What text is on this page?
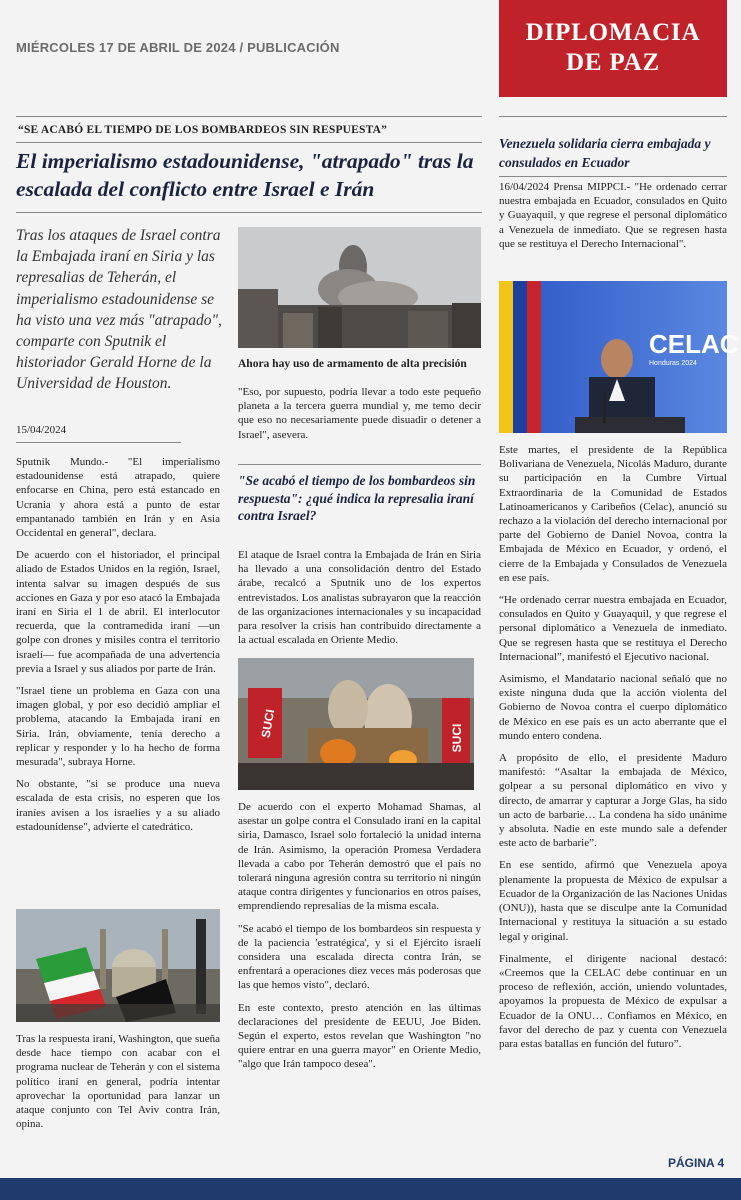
MIÉRCOLES 17 DE ABRIL DE 2024 / PUBLICACIÓN
DIPLOMACIA
DE PAZ
“SE ACABÓ EL TIEMPO DE LOS BOMBARDEOS SIN RESPUESTA”
El imperialismo estadounidense, "atrapado" tras la escalada del conflicto entre Israel e Irán
Tras los ataques de Israel contra la Embajada iraní en Siria y las represalias de Teherán, el imperialismo estadounidense se ha visto una vez más "atrapado", comparte con Sputnik el historiador Gerald Horne de la Universidad de Houston.
15/04/2024

Sputnik Mundo.- "El imperialismo estadounidense está atrapado, quiere enfocarse en China, pero está estancado en Ucrania y ahora está a punto de estar empantanado también en Irán y en Asia Occidental en general", declara.

De acuerdo con el historiador, el principal aliado de Estados Unidos en la región, Israel, intenta salvar su imagen después de sus acciones en Gaza y por eso atacó la Embajada iraní en Siria el 1 de abril. El interlocutor recuerda, que la contramedida iraní —un golpe con drones y misiles contra el territorio israelí— fue acompañada de una advertencia previa a Israel y sus aliados por parte de Irán.

"Israel tiene un problema en Gaza con una imagen global, y por eso decidió ampliar el problema, atacando la Embajada iraní en Siria. Irán, obviamente, tenía derecho a replicar y responder y lo ha hecho de forma mesurada", subraya Horne.

No obstante, "si se produce una nueva escalada de esta crisis, no esperen que los iraníes avisen a los israelíes y a su aliado estadounidense", advierte el catedrático.

Tras la respuesta iraní, Washington, que sueña desde hace tiempo con acabar con el programa nuclear de Teherán y con el sistema político iraní en general, podría intentar aprovechar la oportunidad para lanzar un ataque conjunto con Tel Aviv contra Irán, opina.

Ahora hay uso de armamento de alta precisión

"Eso, por supuesto, podría llevar a todo este pequeño planeta a la tercera guerra mundial y, me temo decir que eso no necesariamente puede disuadir o detener a Israel", asevera.

"Se acabó el tiempo de los bombardeos sin respuesta": ¿qué indica la represalia iraní contra Israel?

El ataque de Israel contra la Embajada de Irán en Siria ha llevado a una consolidación dentro del Estado árabe, recalcó a Sputnik uno de los expertos entrevistados. Los analistas subrayaron que la reacción de las organizaciones internacionales y su incapacidad para resolver la crisis han contribuido directamente a la actual escalada en Oriente Medio.

SUCI	SUCI

De acuerdo con el experto Mohamad Shamas, al asestar un golpe contra el Consulado iraní en la capital siria, Damasco, Israel solo fortaleció la unidad interna de Irán. Asimismo, la operación Promesa Verdadera llevada a cabo por Teherán demostró que el país no tolerará ninguna agresión contra su territorio ni ningún ataque contra dirigentes y funcionarios en otros países, emprendiendo represalias de la misma escala.

"Se acabó el tiempo de los bombardeos sin respuesta y de la paciencia 'estratégica', y si el Ejército israelí considera una escalada directa contra Irán, se enfrentará a operaciones diez veces más poderosas que las que hemos visto", declaró.

En este contexto, presto atención en las últimas declaraciones del presidente de EEUU, Joe Biden. Según el experto, estos revelan que Washington "no quiere entrar en una guerra mayor" en Oriente Medio, "algo que Irán tampoco desea".

Venezuela solidaria cierra embajada y consulados en Ecuador

16/04/2024 Prensa MIPPCI.- "He ordenado cerrar nuestra embajada en Ecuador, consulados en Quito y Guayaquil, y que regrese el personal diplomático a Venezuela de inmediato. Que se regresen hasta que se restituya el Derecho Internacional".

CELAC
Honduras 2024

Este martes, el presidente de la República Bolivariana de Venezuela, Nicolás Maduro, durante su participación en la Cumbre Virtual Extraordinaria de la Comunidad de Estados Latinoamericanos y Caribeños (Celac), anunció su rechazo a la violación del derecho internacional por parte del Gobierno de Daniel Novoa, contra la Embajada de México en Ecuador, y ordenó, el cierre de la Embajada y Consulados de Venezuela en ese país.

“He ordenado cerrar nuestra embajada en Ecuador, consulados en Quito y Guayaquil, y que regrese el personal diplomático a Venezuela de inmediato. Que se regresen hasta que se restituya el Derecho Internacional”, manifestó el Ejecutivo nacional.

Asimismo, el Mandatario nacional señaló que no existe ninguna duda que la acción violenta del Gobierno de Novoa contra el cuerpo diplomático de México en ese país es un acto aberrante que el mundo entero condena.

A propósito de ello, el presidente Maduro manifestó: “Asaltar la embajada de México, golpear a su personal diplomático en vivo y directo, de amarrar y capturar a Jorge Glas, ha sido un acto de barbarie… La condena ha sido unánime y absoluta. Nadie en este mundo sale a defender este acto de barbarie”.

En ese sentido, afirmó que Venezuela apoya plenamente la propuesta de México de expulsar a Ecuador de la Organización de las Naciones Unidas (ONU)), hasta que se disculpe ante la Comunidad Internacional y restituya la situación a su estado legal y original.

Finalmente, el dirigente nacional destacó: «Creemos que la CELAC debe continuar en un proceso de reflexión, acción, uniendo voluntades, apoyamos la propuesta de México de expulsar a Ecuador de la ONU… Confiamos en México, en favor del derecho de paz y cuenta con Venezuela para estas batallas en función del futuro”.

PÁGINA 4
